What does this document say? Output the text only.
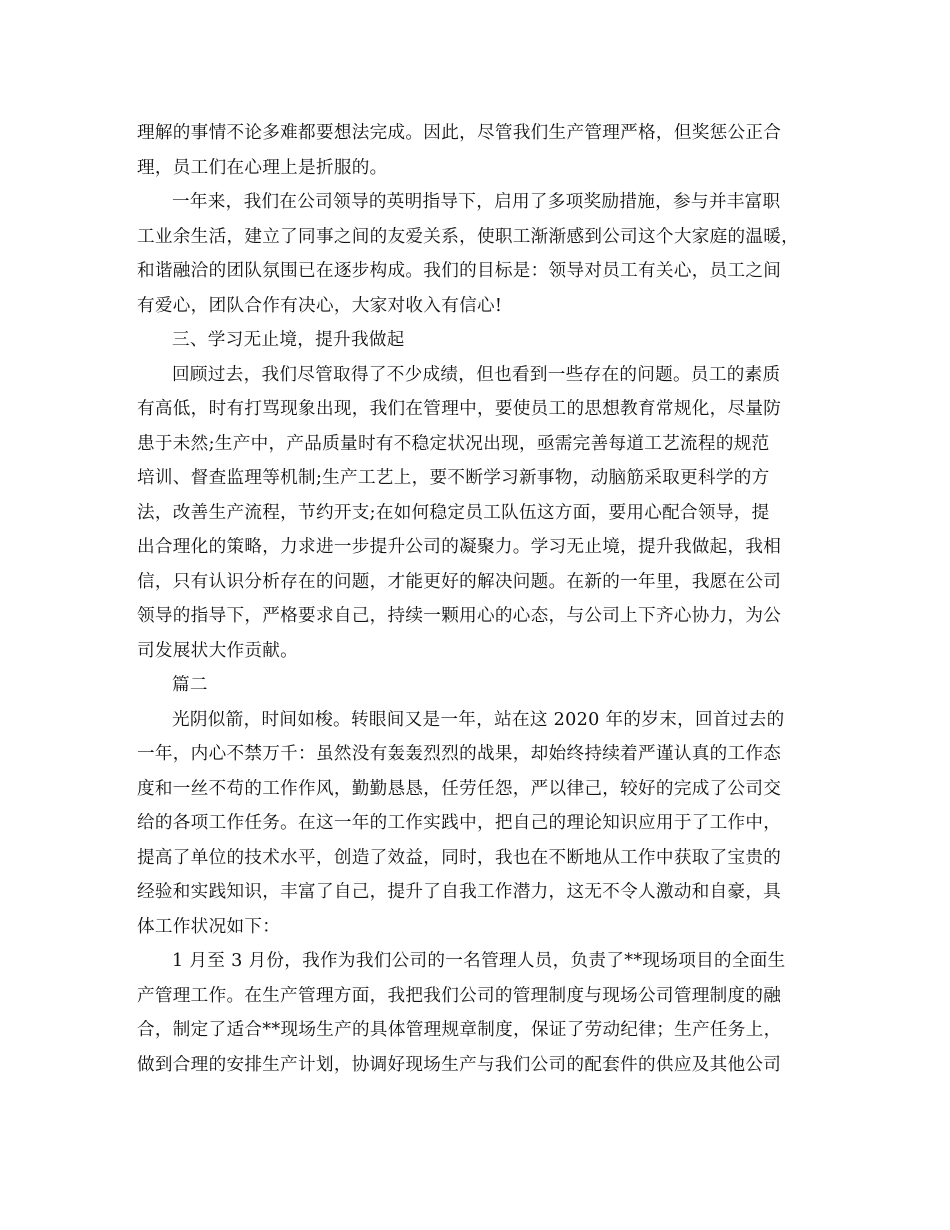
理解的事情不论多难都要想法完成。因此，尽管我们生产管理严格，但奖惩公正合
理，员工们在心理上是折服的。

一年来，我们在公司领导的英明指导下，启用了多项奖励措施，参与并丰富职
工业余生活，建立了同事之间的友爱关系，使职工渐渐感到公司这个大家庭的温暖，
和谐融洽的团队氛围已在逐步构成。我们的目标是：领导对员工有关心，员工之间
有爱心，团队合作有决心，大家对收入有信心!

三、学习无止境，提升我做起

回顾过去，我们尽管取得了不少成绩，但也看到一些存在的问题。员工的素质
有高低，时有打骂现象出现，我们在管理中，要使员工的思想教育常规化，尽量防
患于未然;生产中，产品质量时有不稳定状况出现，亟需完善每道工艺流程的规范
培训、督查监理等机制;生产工艺上，要不断学习新事物，动脑筋采取更科学的方
法，改善生产流程，节约开支;在如何稳定员工队伍这方面，要用心配合领导，提
出合理化的策略，力求进一步提升公司的凝聚力。学习无止境，提升我做起，我相
信，只有认识分析存在的问题，才能更好的解决问题。在新的一年里，我愿在公司
领导的指导下，严格要求自己，持续一颗用心的心态，与公司上下齐心协力，为公
司发展状大作贡献。

篇二

光阴似箭，时间如梭。转眼间又是一年，站在这 2020 年的岁末，回首过去的
一年，内心不禁万千：虽然没有轰轰烈烈的战果，却始终持续着严谨认真的工作态
度和一丝不苟的工作作风，勤勤恳恳，任劳任怨，严以律己，较好的完成了公司交
给的各项工作任务。在这一年的工作实践中，把自己的理论知识应用于了工作中，
提高了单位的技术水平，创造了效益，同时，我也在不断地从工作中获取了宝贵的
经验和实践知识，丰富了自己，提升了自我工作潜力，这无不令人激动和自豪，具
体工作状况如下：

1 月至 3 月份，我作为我们公司的一名管理人员，负责了**现场项目的全面生
产管理工作。在生产管理方面，我把我们公司的管理制度与现场公司管理制度的融
合，制定了适合**现场生产的具体管理规章制度，保证了劳动纪律；生产任务上，
做到合理的安排生产计划，协调好现场生产与我们公司的配套件的供应及其他公司
